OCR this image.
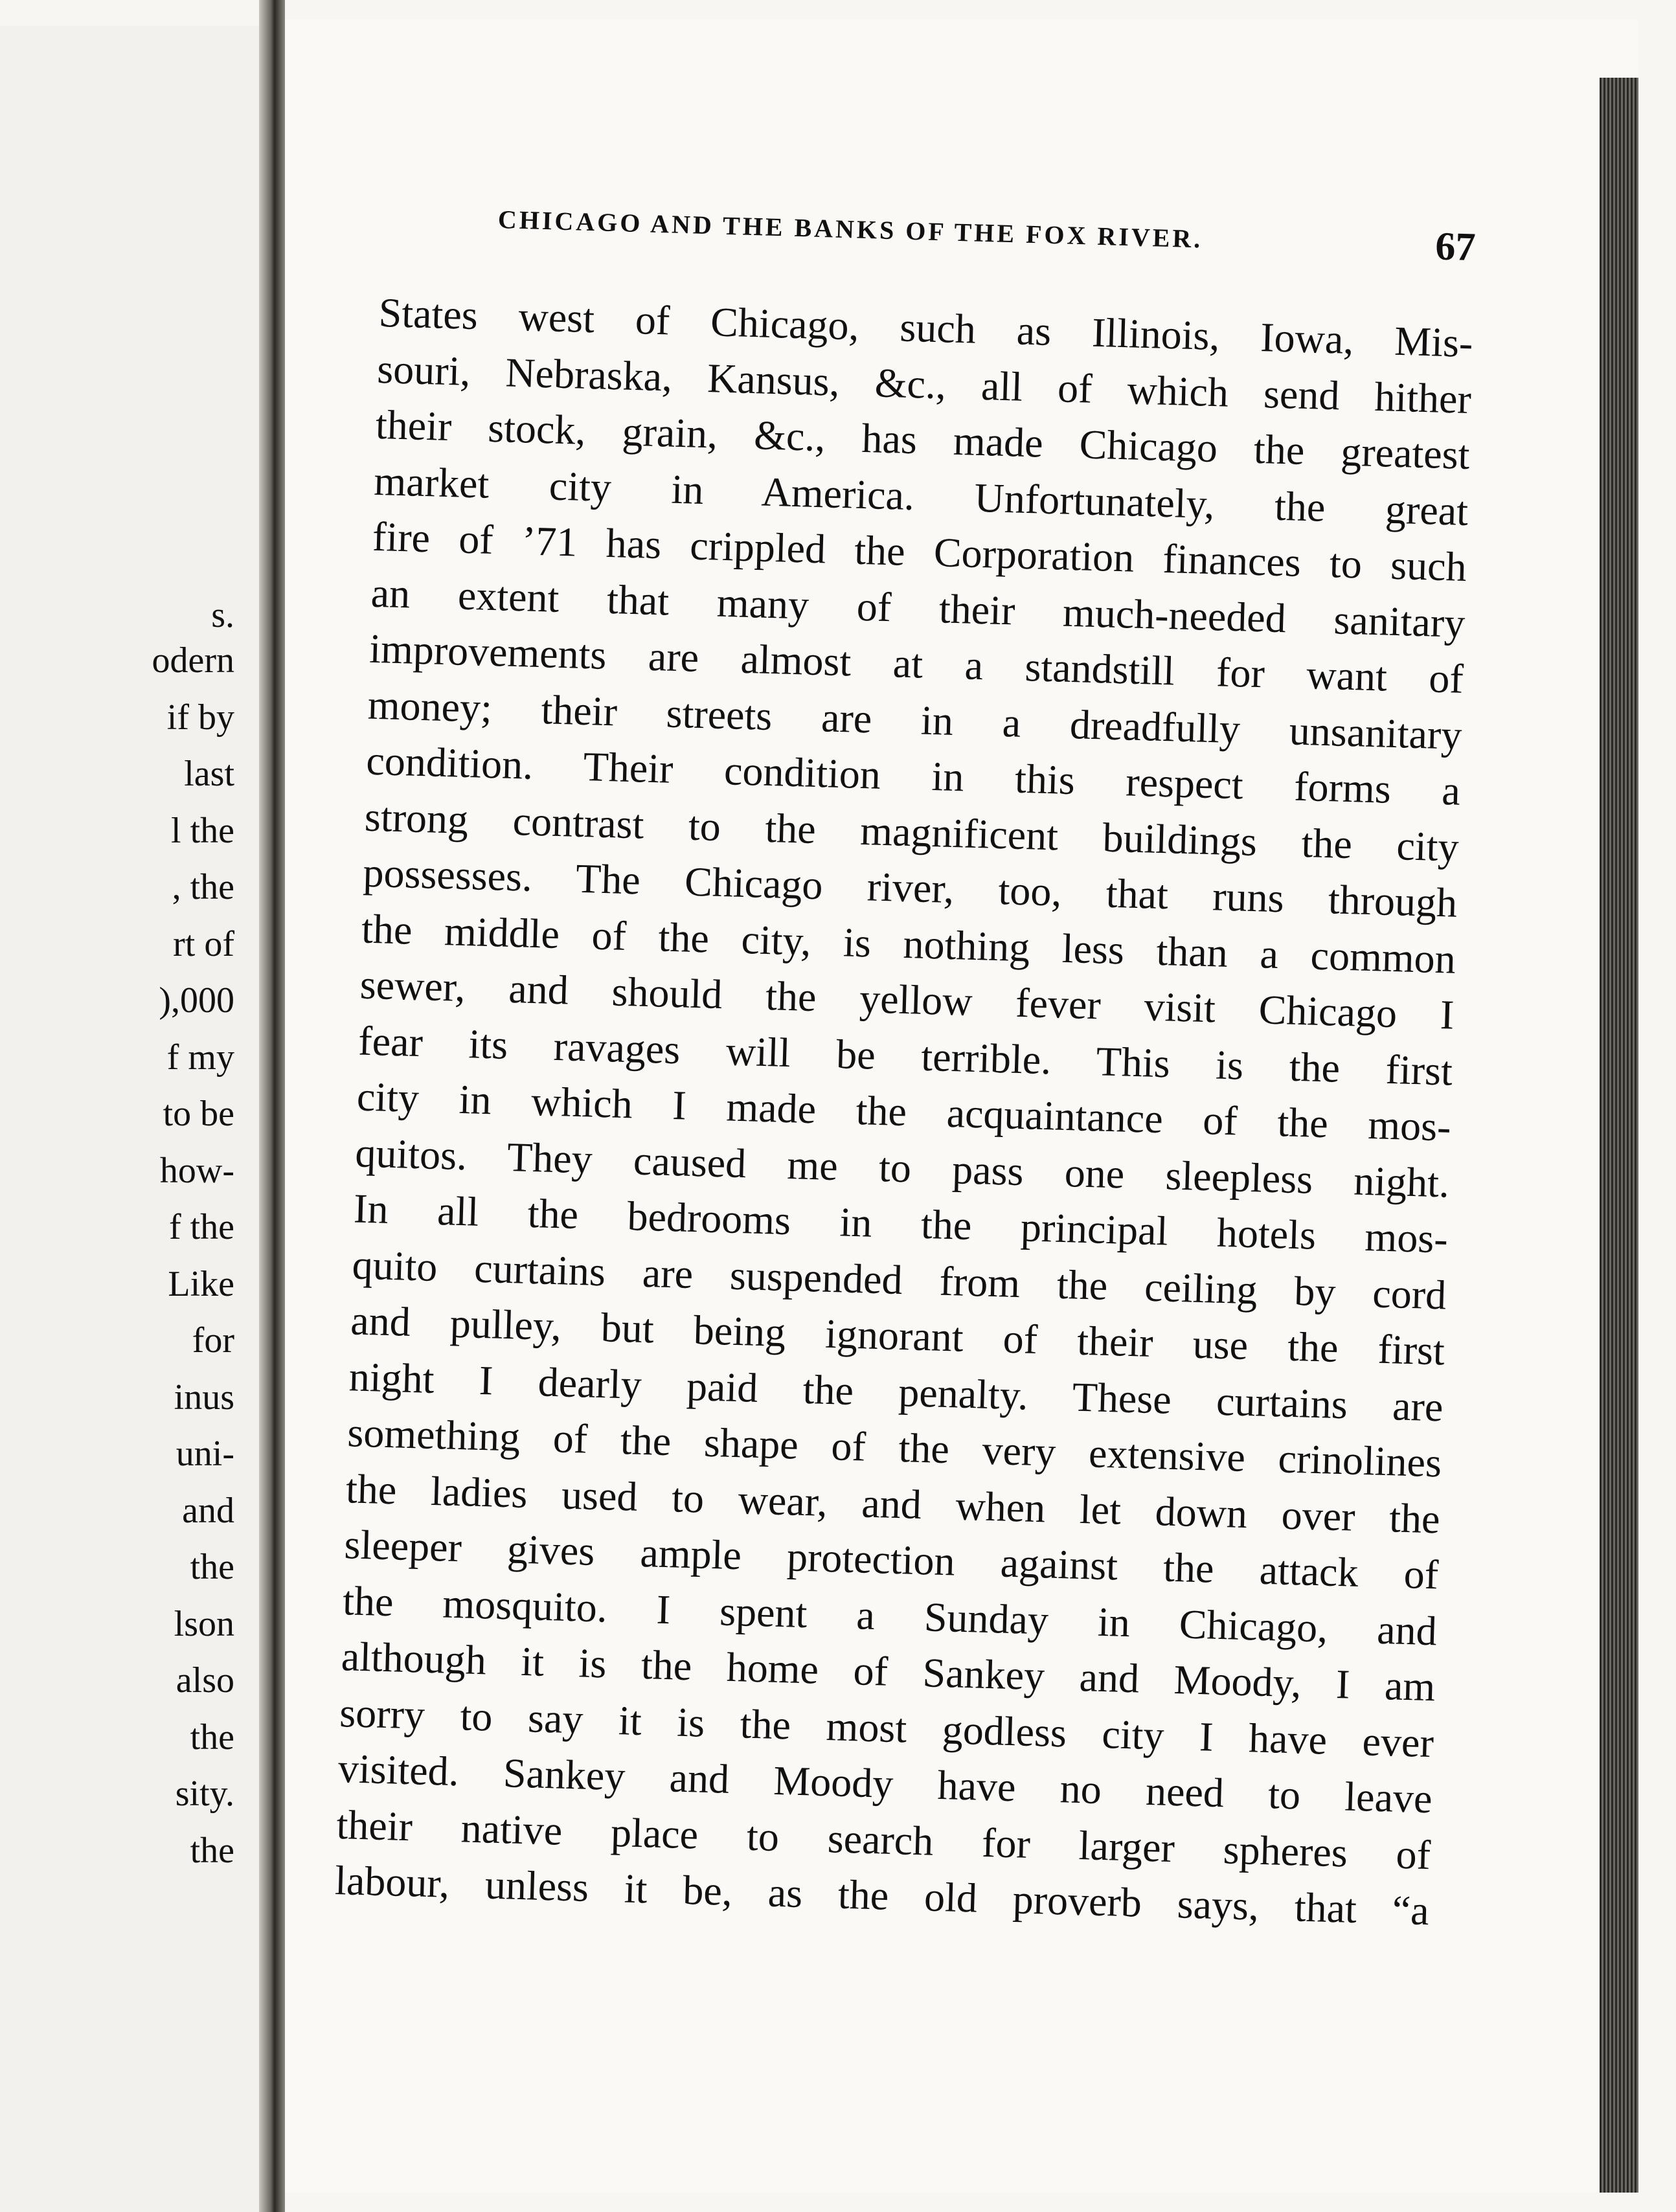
s.
odern
if by
last
l the
, the
rt of
),000
f my
to be
how-
f the
Like
for
inus
uni-
and
the
lson
also
the
sity.
the
CHICAGO AND THE BANKS OF THE FOX RIVER.	67
States west of Chicago, such as Illinois, Iowa, Mis-
souri, Nebraska, Kansus, &c., all of which send hither
their stock, grain, &c., has made Chicago the greatest
market city in America. Unfortunately, the great
fire of ’71 has crippled the Corporation finances to such
an extent that many of their much-needed sanitary
improvements are almost at a standstill for want of
money; their streets are in a dreadfully unsanitary
condition. Their condition in this respect forms a
strong contrast to the magnificent buildings the city
possesses. The Chicago river, too, that runs through
the middle of the city, is nothing less than a common
sewer, and should the yellow fever visit Chicago I
fear its ravages will be terrible. This is the first
city in which I made the acquaintance of the mos-
quitos. They caused me to pass one sleepless night.
In all the bedrooms in the principal hotels mos-
quito curtains are suspended from the ceiling by cord
and pulley, but being ignorant of their use the first
night I dearly paid the penalty. These curtains are
something of the shape of the very extensive crinolines
the ladies used to wear, and when let down over the
sleeper gives ample protection against the attack of
the mosquito. I spent a Sunday in Chicago, and
although it is the home of Sankey and Moody, I am
sorry to say it is the most godless city I have ever
visited. Sankey and Moody have no need to leave
their native place to search for larger spheres of
labour, unless it be, as the old proverb says, that “a
